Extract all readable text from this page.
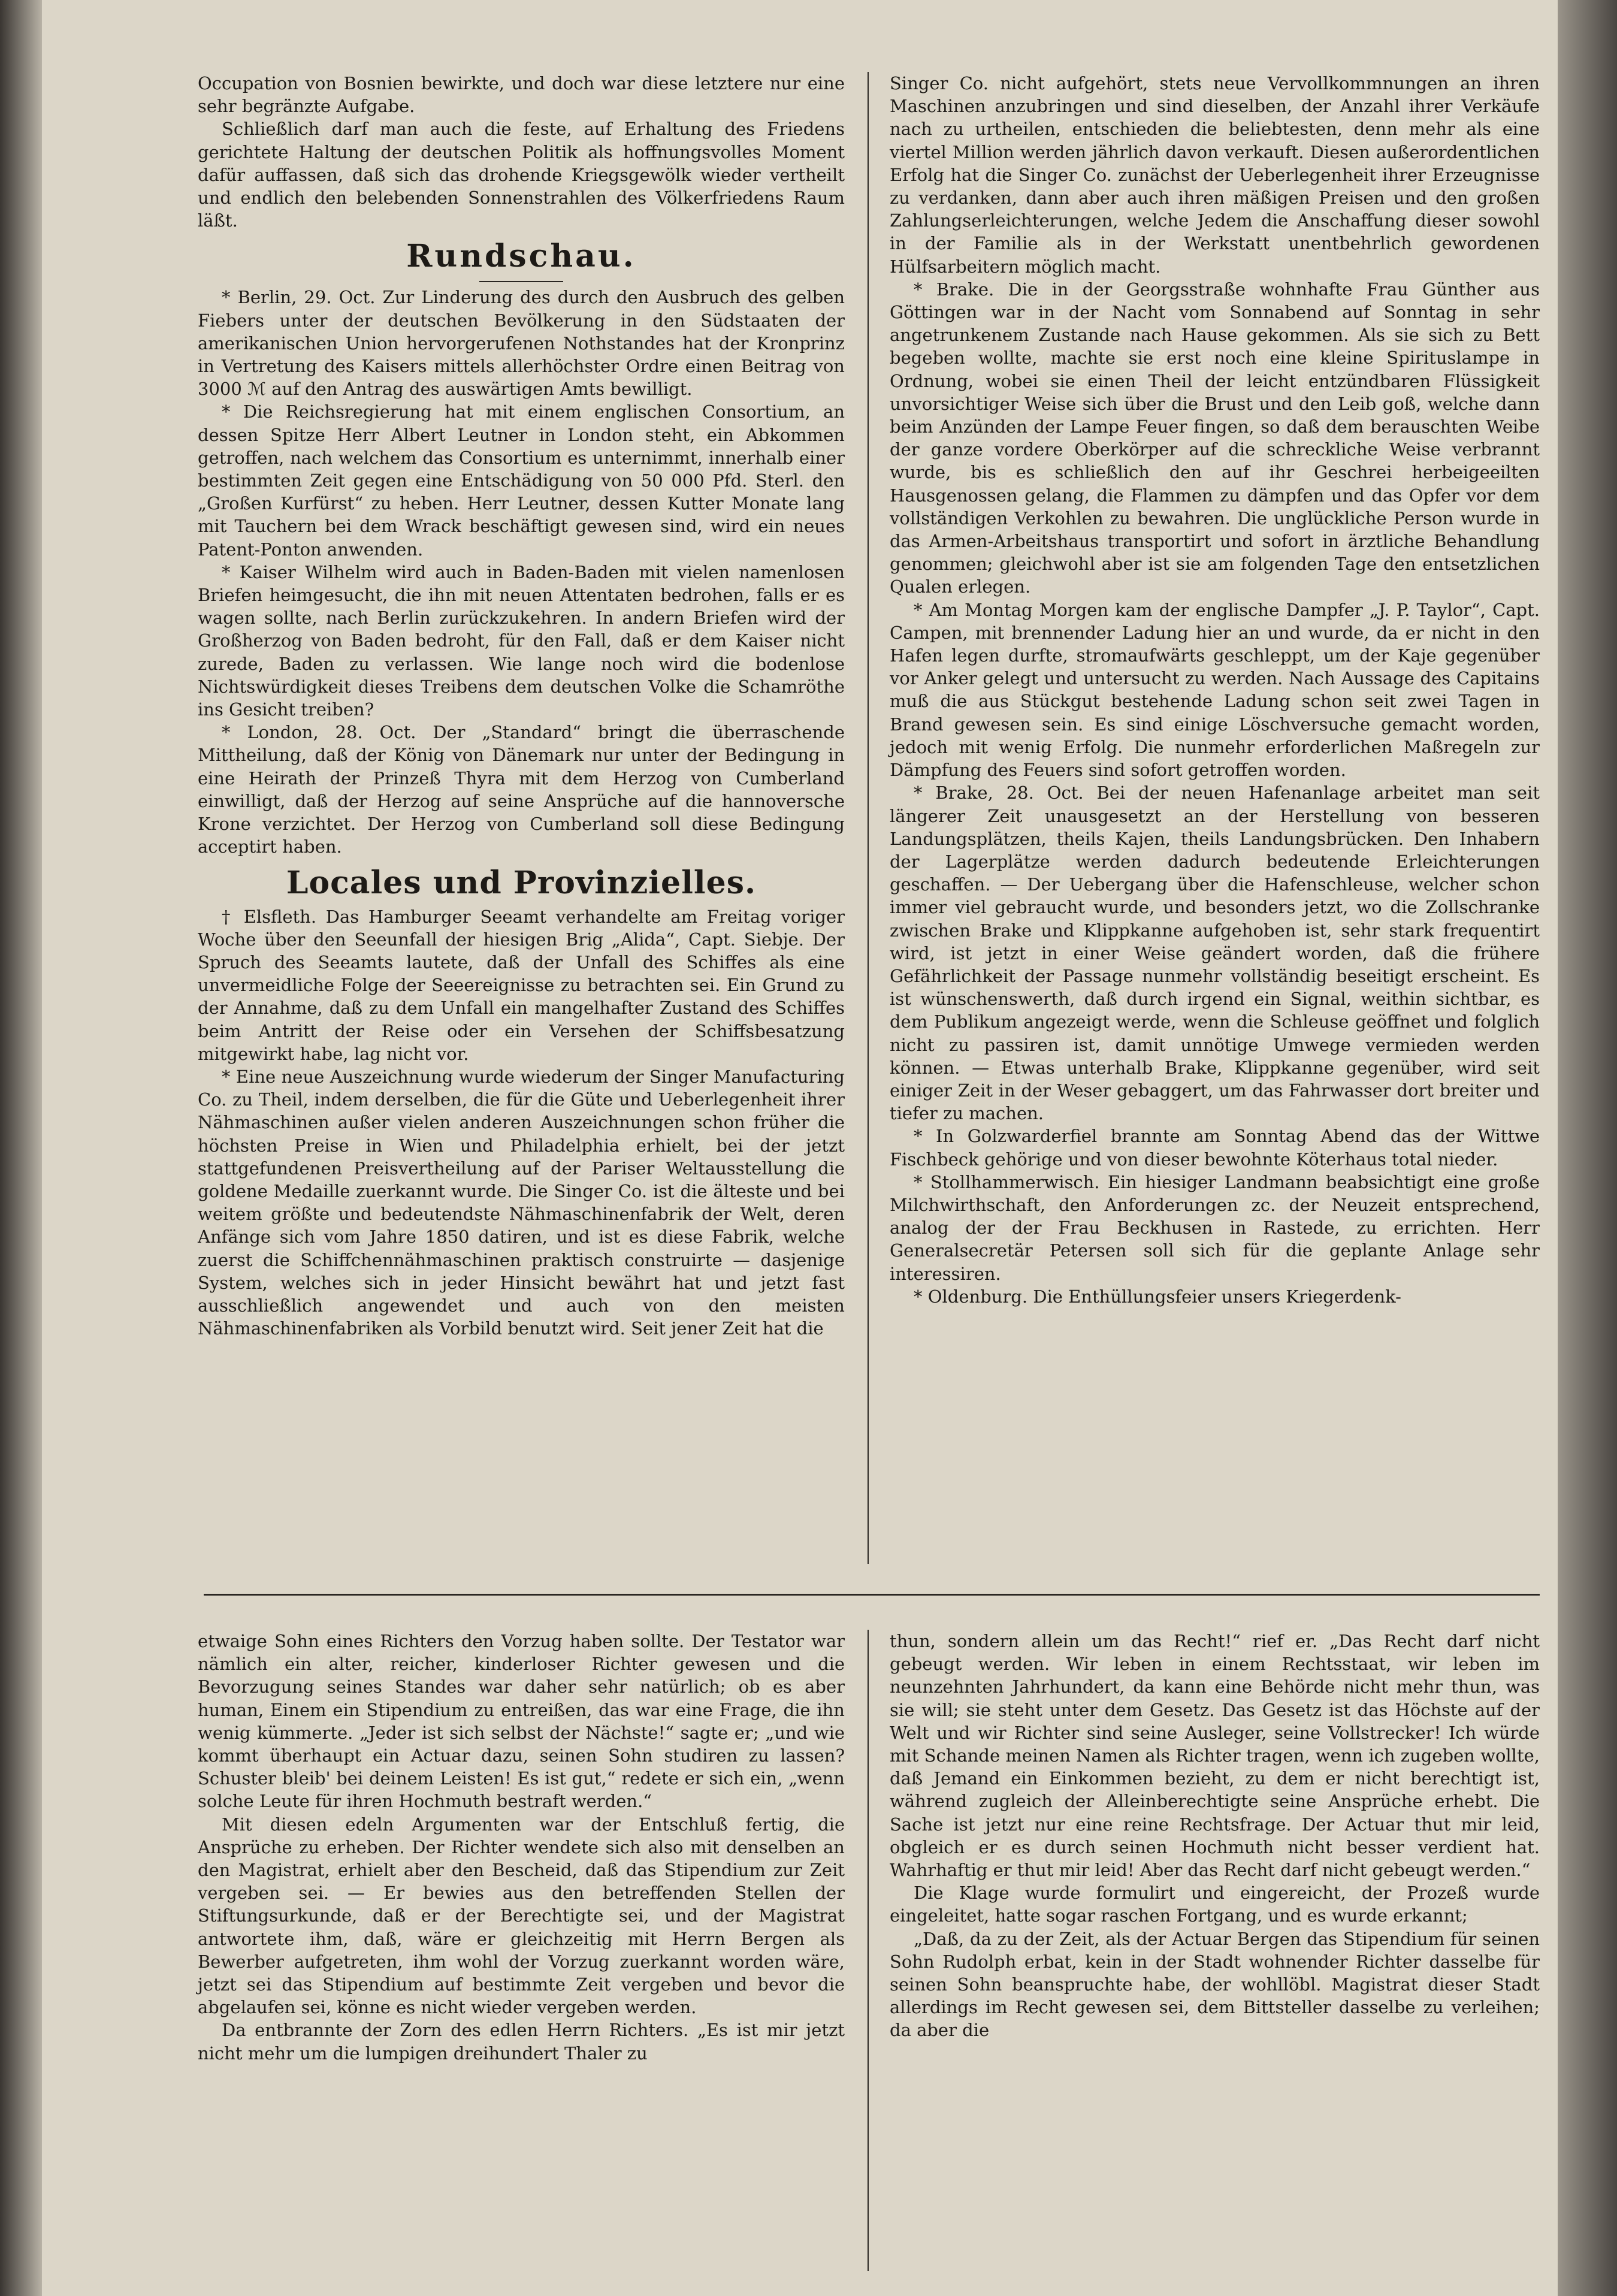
Occupation von Bosnien bewirkte, und doch war diese letztere nur eine sehr begränzte Aufgabe.

Schließlich darf man auch die feste, auf Erhaltung des Friedens gerichtete Haltung der deutschen Politik als hoffnungsvolles Moment dafür auffassen, daß sich das drohende Kriegsgewölk wieder vertheilt und endlich den belebenden Sonnenstrahlen des Völkerfriedens Raum läßt.

Rundschau.

* Berlin, 29. Oct. Zur Linderung des durch den Ausbruch des gelben Fiebers unter der deutschen Bevölkerung in den Südstaaten der amerikanischen Union hervorgerufenen Nothstandes hat der Kronprinz in Vertretung des Kaisers mittels allerhöchster Ordre einen Beitrag von 3000 ℳ auf den Antrag des auswärtigen Amts bewilligt.

* Die Reichsregierung hat mit einem englischen Consortium, an dessen Spitze Herr Albert Leutner in London steht, ein Abkommen getroffen, nach welchem das Consortium es unternimmt, innerhalb einer bestimmten Zeit gegen eine Entschädigung von 50 000 Pfd. Sterl. den „Großen Kurfürst“ zu heben. Herr Leutner, dessen Kutter Monate lang mit Tauchern bei dem Wrack beschäftigt gewesen sind, wird ein neues Patent-Ponton anwenden.

* Kaiser Wilhelm wird auch in Baden-Baden mit vielen namenlosen Briefen heimgesucht, die ihn mit neuen Attentaten bedrohen, falls er es wagen sollte, nach Berlin zurückzukehren. In andern Briefen wird der Großherzog von Baden bedroht, für den Fall, daß er dem Kaiser nicht zurede, Baden zu verlassen. Wie lange noch wird die bodenlose Nichtswürdigkeit dieses Treibens dem deutschen Volke die Schamröthe ins Gesicht treiben?

* London, 28. Oct. Der „Standard“ bringt die überraschende Mittheilung, daß der König von Dänemark nur unter der Bedingung in eine Heirath der Prinzeß Thyra mit dem Herzog von Cumberland einwilligt, daß der Herzog auf seine Ansprüche auf die hannoversche Krone verzichtet. Der Herzog von Cumberland soll diese Bedingung acceptirt haben.

Locales und Provinzielles.

† Elsfleth. Das Hamburger Seeamt verhandelte am Freitag voriger Woche über den Seeunfall der hiesigen Brig „Alida“, Capt. Siebje. Der Spruch des Seeamts lautete, daß der Unfall des Schiffes als eine unvermeidliche Folge der Seeereignisse zu betrachten sei. Ein Grund zu der Annahme, daß zu dem Unfall ein mangelhafter Zustand des Schiffes beim Antritt der Reise oder ein Versehen der Schiffsbesatzung mitgewirkt habe, lag nicht vor.

* Eine neue Auszeichnung wurde wiederum der Singer Manufacturing Co. zu Theil, indem derselben, die für die Güte und Ueberlegenheit ihrer Nähmaschinen außer vielen anderen Auszeichnungen schon früher die höchsten Preise in Wien und Philadelphia erhielt, bei der jetzt stattgefundenen Preisvertheilung auf der Pariser Weltausstellung die goldene Medaille zuerkannt wurde. Die Singer Co. ist die älteste und bei weitem größte und bedeutendste Nähmaschinenfabrik der Welt, deren Anfänge sich vom Jahre 1850 datiren, und ist es diese Fabrik, welche zuerst die Schiffchennähmaschinen praktisch construirte — dasjenige System, welches sich in jeder Hinsicht bewährt hat und jetzt fast ausschließlich angewendet und auch von den meisten Nähmaschinenfabriken als Vorbild benutzt wird. Seit jener Zeit hat die

Singer Co. nicht aufgehört, stets neue Vervollkommnungen an ihren Maschinen anzubringen und sind dieselben, der Anzahl ihrer Verkäufe nach zu urtheilen, entschieden die beliebtesten, denn mehr als eine viertel Million werden jährlich davon verkauft. Diesen außerordentlichen Erfolg hat die Singer Co. zunächst der Ueberlegenheit ihrer Erzeugnisse zu verdanken, dann aber auch ihren mäßigen Preisen und den großen Zahlungserleichterungen, welche Jedem die Anschaffung dieser sowohl in der Familie als in der Werkstatt unentbehrlich gewordenen Hülfsarbeitern möglich macht.

* Brake. Die in der Georgsstraße wohnhafte Frau Günther aus Göttingen war in der Nacht vom Sonnabend auf Sonntag in sehr angetrunkenem Zustande nach Hause gekommen. Als sie sich zu Bett begeben wollte, machte sie erst noch eine kleine Spirituslampe in Ordnung, wobei sie einen Theil der leicht entzündbaren Flüssigkeit unvorsichtiger Weise sich über die Brust und den Leib goß, welche dann beim Anzünden der Lampe Feuer fingen, so daß dem berauschten Weibe der ganze vordere Oberkörper auf die schreckliche Weise verbrannt wurde, bis es schließlich den auf ihr Geschrei herbeigeeilten Hausgenossen gelang, die Flammen zu dämpfen und das Opfer vor dem vollständigen Verkohlen zu bewahren. Die unglückliche Person wurde in das Armen-Arbeitshaus transportirt und sofort in ärztliche Behandlung genommen; gleichwohl aber ist sie am folgenden Tage den entsetzlichen Qualen erlegen.

* Am Montag Morgen kam der englische Dampfer „J. P. Taylor“, Capt. Campen, mit brennender Ladung hier an und wurde, da er nicht in den Hafen legen durfte, stromaufwärts geschleppt, um der Kaje gegenüber vor Anker gelegt und untersucht zu werden. Nach Aussage des Capitains muß die aus Stückgut bestehende Ladung schon seit zwei Tagen in Brand gewesen sein. Es sind einige Löschversuche gemacht worden, jedoch mit wenig Erfolg. Die nunmehr erforderlichen Maßregeln zur Dämpfung des Feuers sind sofort getroffen worden.

* Brake, 28. Oct. Bei der neuen Hafenanlage arbeitet man seit längerer Zeit unausgesetzt an der Herstellung von besseren Landungsplätzen, theils Kajen, theils Landungsbrücken. Den Inhabern der Lagerplätze werden dadurch bedeutende Erleichterungen geschaffen. — Der Uebergang über die Hafenschleuse, welcher schon immer viel gebraucht wurde, und besonders jetzt, wo die Zollschranke zwischen Brake und Klippkanne aufgehoben ist, sehr stark frequentirt wird, ist jetzt in einer Weise geändert worden, daß die frühere Gefährlichkeit der Passage nunmehr vollständig beseitigt erscheint. Es ist wünschenswerth, daß durch irgend ein Signal, weithin sichtbar, es dem Publikum angezeigt werde, wenn die Schleuse geöffnet und folglich nicht zu passiren ist, damit unnötige Umwege vermieden werden können. — Etwas unterhalb Brake, Klippkanne gegenüber, wird seit einiger Zeit in der Weser gebaggert, um das Fahrwasser dort breiter und tiefer zu machen.

* In Golzwarderfiel brannte am Sonntag Abend das der Wittwe Fischbeck gehörige und von dieser bewohnte Köterhaus total nieder.

* Stollhammerwisch. Ein hiesiger Landmann beabsichtigt eine große Milchwirthschaft, den Anforderungen zc. der Neuzeit entsprechend, analog der der Frau Beckhusen in Rastede, zu errichten. Herr Generalsecretär Petersen soll sich für die geplante Anlage sehr interessiren.

* Oldenburg. Die Enthüllungsfeier unsers Kriegerdenk-

etwaige Sohn eines Richters den Vorzug haben sollte. Der Testator war nämlich ein alter, reicher, kinderloser Richter gewesen und die Bevorzugung seines Standes war daher sehr natürlich; ob es aber human, Einem ein Stipendium zu entreißen, das war eine Frage, die ihn wenig kümmerte. „Jeder ist sich selbst der Nächste!“ sagte er; „und wie kommt überhaupt ein Actuar dazu, seinen Sohn studiren zu lassen? Schuster bleib' bei deinem Leisten! Es ist gut,“ redete er sich ein, „wenn solche Leute für ihren Hochmuth bestraft werden.“

Mit diesen edeln Argumenten war der Entschluß fertig, die Ansprüche zu erheben. Der Richter wendete sich also mit denselben an den Magistrat, erhielt aber den Bescheid, daß das Stipendium zur Zeit vergeben sei. — Er bewies aus den betreffenden Stellen der Stiftungsurkunde, daß er der Berechtigte sei, und der Magistrat antwortete ihm, daß, wäre er gleichzeitig mit Herrn Bergen als Bewerber aufgetreten, ihm wohl der Vorzug zuerkannt worden wäre, jetzt sei das Stipendium auf bestimmte Zeit vergeben und bevor die abgelaufen sei, könne es nicht wieder vergeben werden.

Da entbrannte der Zorn des edlen Herrn Richters. „Es ist mir jetzt nicht mehr um die lumpigen dreihundert Thaler zu

thun, sondern allein um das Recht!“ rief er. „Das Recht darf nicht gebeugt werden. Wir leben in einem Rechtsstaat, wir leben im neunzehnten Jahrhundert, da kann eine Behörde nicht mehr thun, was sie will; sie steht unter dem Gesetz. Das Gesetz ist das Höchste auf der Welt und wir Richter sind seine Ausleger, seine Vollstrecker! Ich würde mit Schande meinen Namen als Richter tragen, wenn ich zugeben wollte, daß Jemand ein Einkommen bezieht, zu dem er nicht berechtigt ist, während zugleich der Alleinberechtigte seine Ansprüche erhebt. Die Sache ist jetzt nur eine reine Rechtsfrage. Der Actuar thut mir leid, obgleich er es durch seinen Hochmuth nicht besser verdient hat. Wahrhaftig er thut mir leid! Aber das Recht darf nicht gebeugt werden.“

Die Klage wurde formulirt und eingereicht, der Prozeß wurde eingeleitet, hatte sogar raschen Fortgang, und es wurde erkannt;

„Daß, da zu der Zeit, als der Actuar Bergen das Stipendium für seinen Sohn Rudolph erbat, kein in der Stadt wohnender Richter dasselbe für seinen Sohn beanspruchte habe, der wohllöbl. Magistrat dieser Stadt allerdings im Recht gewesen sei, dem Bittsteller dasselbe zu verleihen; da aber die
